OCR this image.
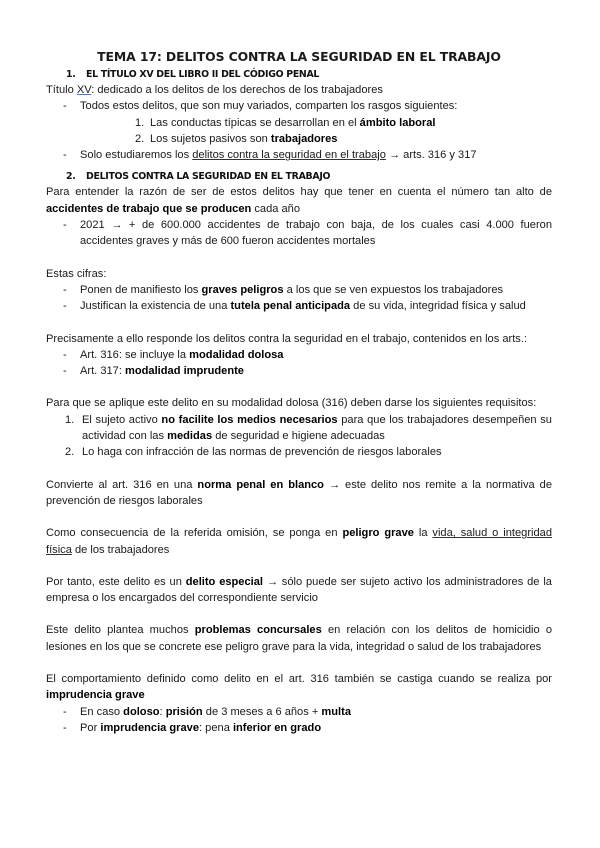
TEMA 17: DELITOS CONTRA LA SEGURIDAD EN EL TRABAJO
1. EL TÍTULO XV DEL LIBRO II DEL CÓDIGO PENAL

Título XV: dedicado a los delitos de los derechos de los trabajadores

- Todos estos delitos, que son muy variados, comparten los rasgos siguientes:
1. Las conductas típicas se desarrollan en el ámbito laboral
2. Los sujetos pasivos son trabajadores
- Solo estudiaremos los delitos contra la seguridad en el trabajo → arts. 316 y 317
2. DELITOS CONTRA LA SEGURIDAD EN EL TRABAJO

Para entender la razón de ser de estos delitos hay que tener en cuenta el número tan alto de accidentes de trabajo que se producen cada año

- 2021 → + de 600.000 accidentes de trabajo con baja, de los cuales casi 4.000 fueron accidentes graves y más de 600 fueron accidentes mortales

Estas cifras:

- Ponen de manifiesto los graves peligros a los que se ven expuestos los trabajadores
- Justifican la existencia de una tutela penal anticipada de su vida, integridad física y salud

Precisamente a ello responde los delitos contra la seguridad en el trabajo, contenidos en los arts.:

- Art. 316: se incluye la modalidad dolosa
- Art. 317: modalidad imprudente

Para que se aplique este delito en su modalidad dolosa (316) deben darse los siguientes requisitos:

1. El sujeto activo no facilite los medios necesarios para que los trabajadores desempeñen su actividad con las medidas de seguridad e higiene adecuadas
2. Lo haga con infracción de las normas de prevención de riesgos laborales

Convierte al art. 316 en una norma penal en blanco → este delito nos remite a la normativa de prevención de riesgos laborales

Como consecuencia de la referida omisión, se ponga en peligro grave la vida, salud o integridad física de los trabajadores

Por tanto, este delito es un delito especial → sólo puede ser sujeto activo los administradores de la empresa o los encargados del correspondiente servicio

Este delito plantea muchos problemas concursales en relación con los delitos de homicidio o lesiones en los que se concrete ese peligro grave para la vida, integridad o salud de los trabajadores

El comportamiento definido como delito en el art. 316 también se castiga cuando se realiza por imprudencia grave

- En caso doloso: prisión de 3 meses a 6 años + multa
- Por imprudencia grave: pena inferior en grado
